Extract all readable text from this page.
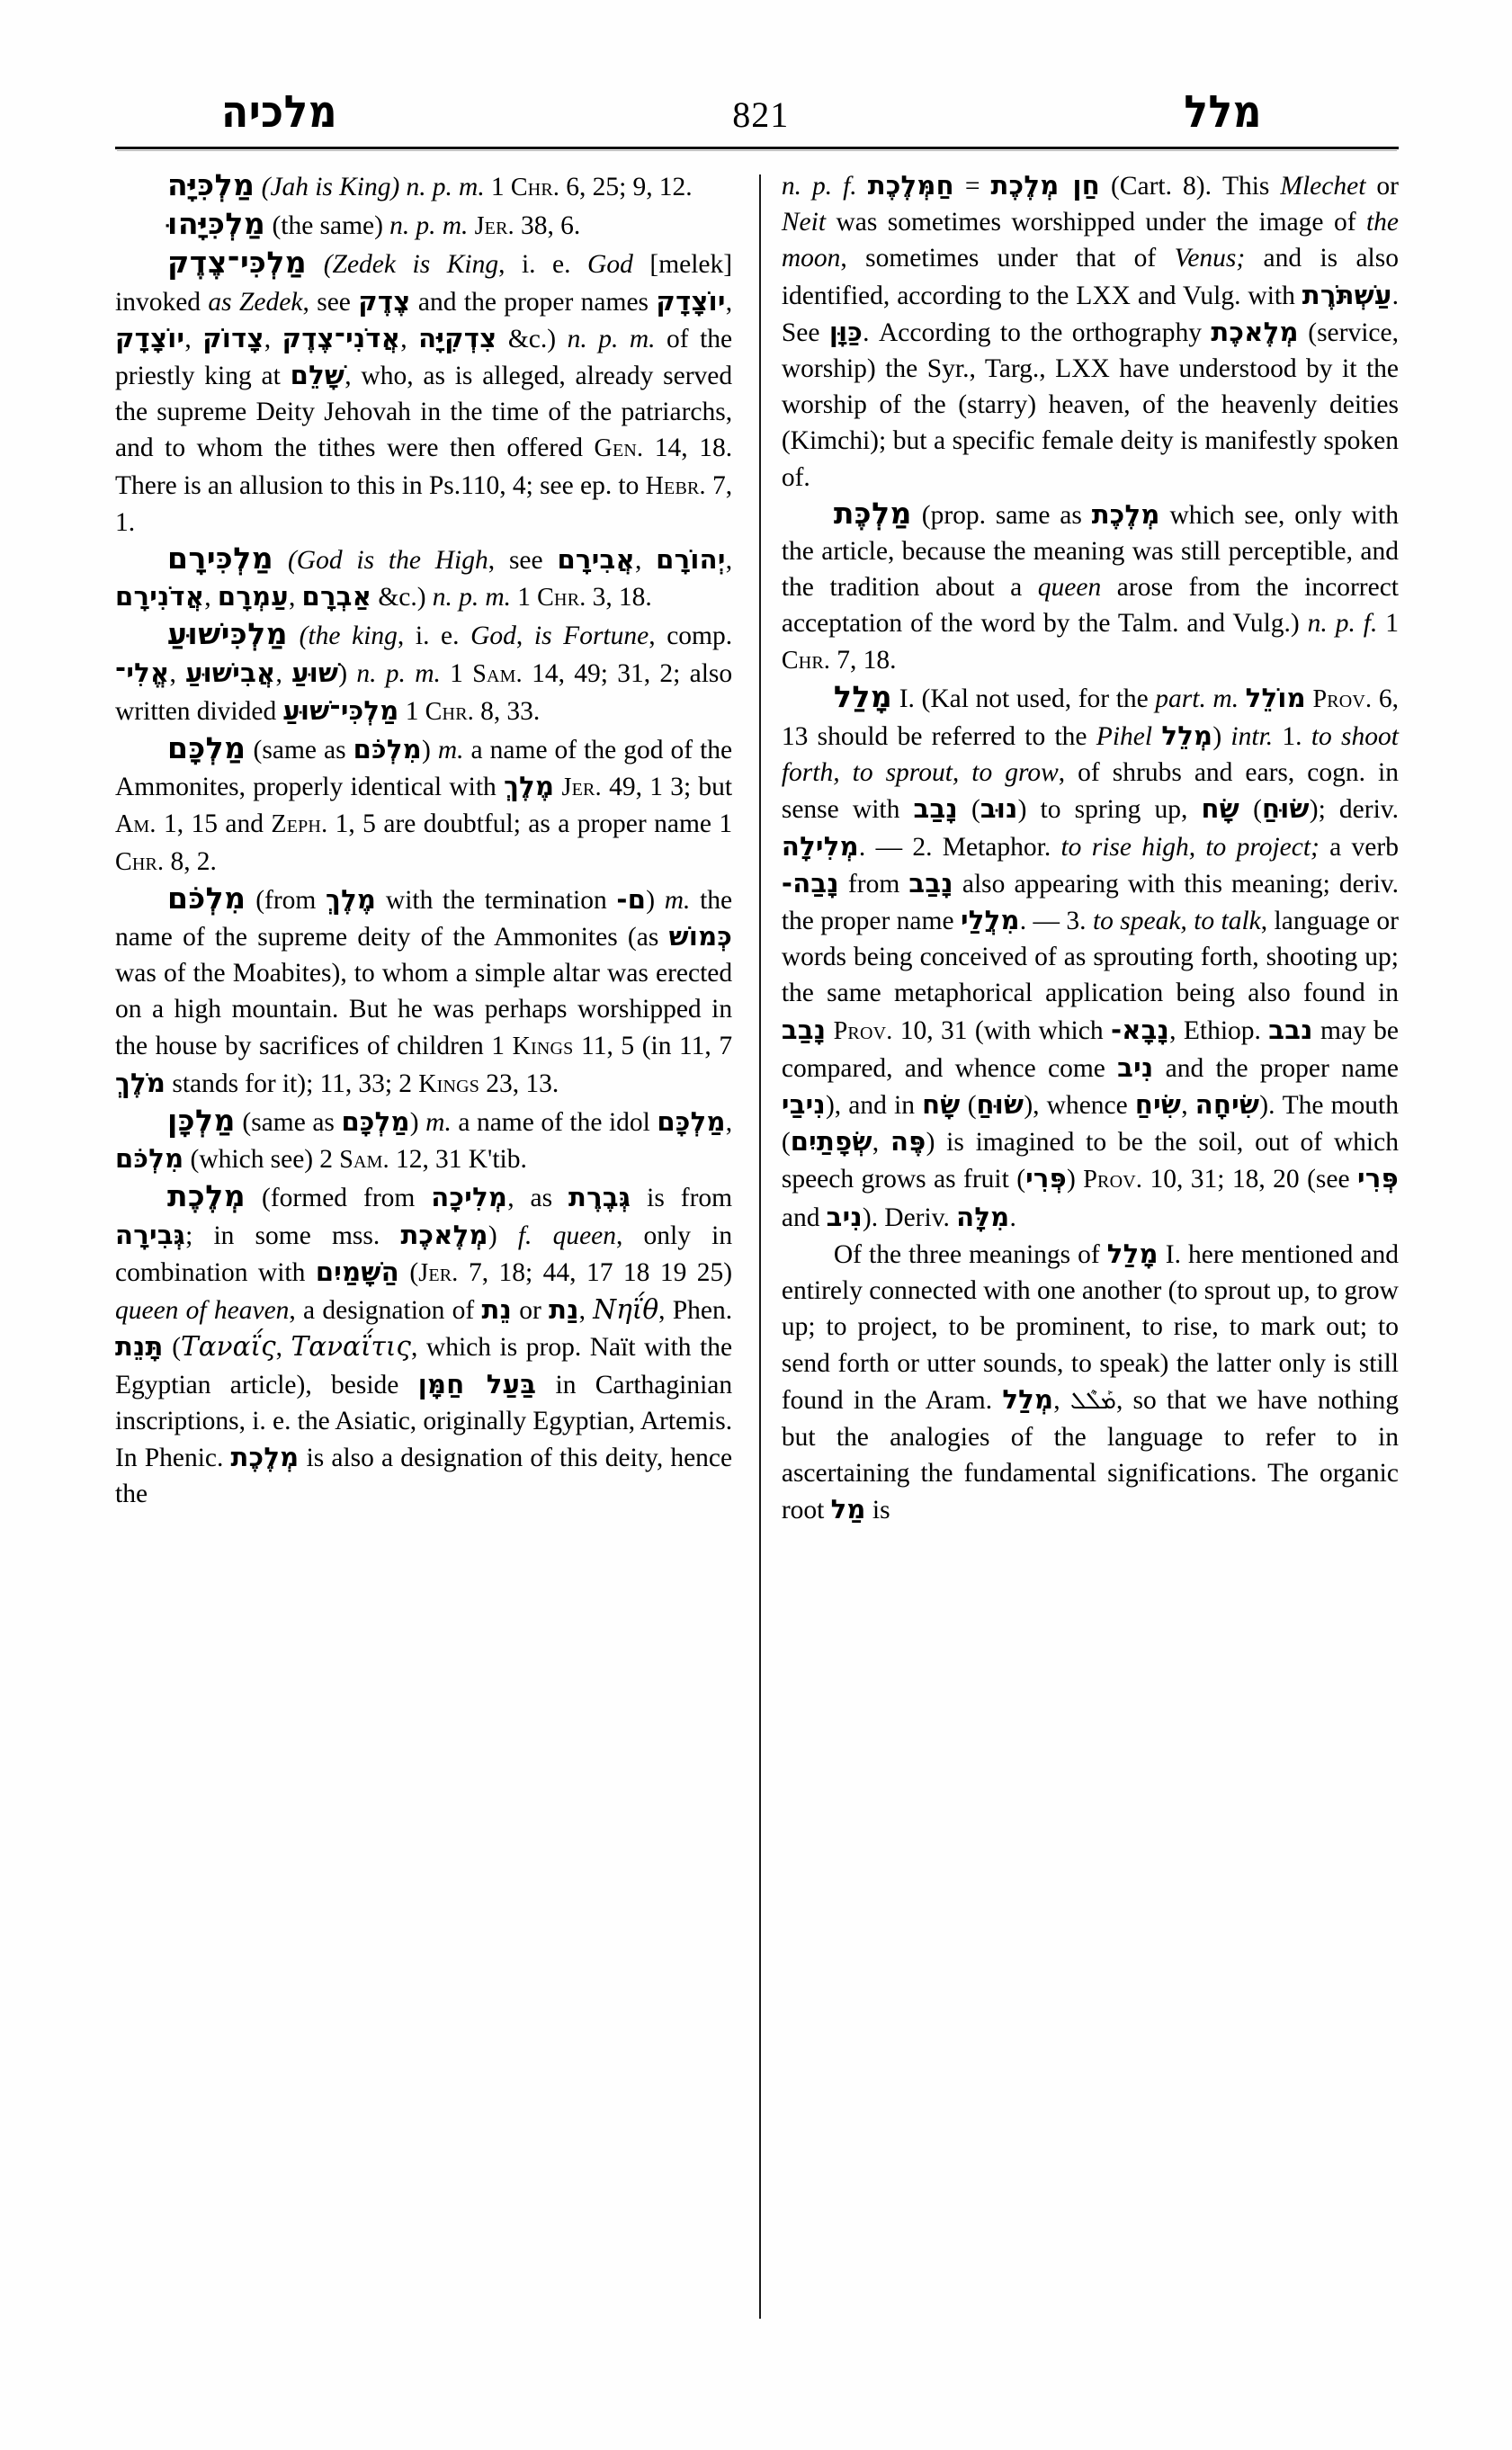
מלכיה	821	מלל

מַלְכִּיָּה (Jah is King) n. p. m. 1 Chr. 6, 25; 9, 12.

מַלְכִּיָּהוּ (the same) n. p. m. Jer. 38, 6.

מַלְכִּי־צֶדֶק (Zedek is King, i. e. God [melek] invoked as Zedek, see צֶדֶק and the proper names יוֹצָדָק, יוֹצָדָק, צָדוֹק, אֲדֹנִי־צֶדֶק, צִדְקִיָּה &c.) n. p. m. of the priestly king at שָׁלֵם, who, as is alleged, already served the supreme Deity Jehovah in the time of the patriarchs, and to whom the tithes were then offered Gen. 14, 18. There is an allusion to this in Ps.110, 4; see ep. to Hebr. 7, 1.

מַלְכִּירָם (God is the High, see אֲבִירָם, יְהוֹרָם, אֲדֹנִירָם, עַמְרָם, אַבְרָם &c.) n. p. m. 1 Chr. 3, 18.

מַלְכִּישׁוּעַ (the king, i. e. God, is Fortune, comp. אֱלִי־, אֲבִישׁוּעַ, שׁוּעַ) n. p. m. 1 Sam. 14, 49; 31, 2; also written divided מַלְכִּי־שׁוּעַ 1 Chr. 8, 33.

מַלְכָּם (same as מִלְכֹּם) m. a name of the god of the Ammonites, properly identical with מֶלֶךְ Jer. 49, 1 3; but Am. 1, 15 and Zeph. 1, 5 are doubtful; as a proper name 1 Chr. 8, 2.

מִלְכֹּם (from מֶלֶךְ with the termination ם‑) m. the name of the supreme deity of the Ammonites (as כְּמוֹשׁ was of the Moabites), to whom a simple altar was erected on a high mountain. But he was perhaps worshipped in the house by sacrifices of children 1 Kings 11, 5 (in 11, 7 מֹלֶךְ stands for it); 11, 33; 2 Kings 23, 13.

מַלְכָּן (same as מַלְכָּם) m. a name of the idol מַלְכָּם, מִלְכֹּם (which see) 2 Sam. 12, 31 K'tib.

מְלֶכֶת (formed from מְלִיכָה, as גְּבֶרֶת is from גְּבִירָה; in some mss. מְלֶאכֶת) f. queen, only in combination with הַשָּׁמַיִם (Jer. 7, 18; 44, 17 18 19 25) queen of heaven, a designation of נֵת or נַת, Νηΐθ, Phen. תָּנֵת (Ταναΐς, Ταναΐτις, which is prop. Naït with the Egyptian article), beside בַּעַל חַמָּן in Carthaginian inscriptions, i. e. the Asiatic, originally Egyptian, Artemis. In Phenic. מְלֶכֶת is also a designation of this deity, hence the

n. p. f. חַמְּלֶכֶת = חַן מְלֶכֶת (Cart. 8). This Mlechet or Neit was sometimes worshipped under the image of the moon, sometimes under that of Venus; and is also identified, according to the LXX and Vulg. with עַשְׁתֹּרֶת. See כַּוָּן. According to the orthography מְלֶאכֶת (service, worship) the Syr., Targ., LXX have understood by it the worship of the (starry) heaven, of the heavenly deities (Kimchi); but a specific female deity is manifestly spoken of.

מַלְכֶּת (prop. same as מְלֶכֶת which see, only with the article, because the meaning was still perceptible, and the tradition about a queen arose from the incorrect acceptation of the word by the Talm. and Vulg.) n. p. f. 1 Chr. 7, 18.

מָלַל I. (Kal not used, for the part. m. מוֹלֵל Prov. 6, 13 should be referred to the Pihel מְלֵל) intr. 1. to shoot forth, to sprout, to grow, of shrubs and ears, cogn. in sense with נָבַב (נוּב) to spring up, שָׂח (שׂוּחַ); deriv. מְלִילָה. — 2. Metaphor. to rise high, to project; a verb נָבַה‑ from נָבַב also appearing with this meaning; deriv. the proper name מִלֲלַי. — 3. to speak, to talk, language or words being conceived of as sprouting forth, shooting up; the same metaphorical application being also found in נָבַב Prov. 10, 31 (with which נָבָא‑, Ethiop. נבב may be compared, and whence come נִיב and the proper name נִיבַי), and in שָׂח (שׂוּחַ), whence שִׂיחַ, שִׂיחָה). The mouth (שְׂפָתַיִם, פֶּה) is imagined to be the soil, out of which speech grows as fruit (פְּרִי) Prov. 10, 31; 18, 20 (see פְּרִי and נִיב). Deriv. מִלָּה.

Of the three meanings of מָלַל I. here mentioned and entirely connected with one another (to sprout up, to grow up; to project, to be prominent, to rise, to mark out; to send forth or utter sounds, to speak) the latter only is still found in the Aram. מְלַל, ܡܰܠܶܠ, so that we have nothing but the analogies of the language to refer to in ascertaining the fundamental significations. The organic root מַל is
